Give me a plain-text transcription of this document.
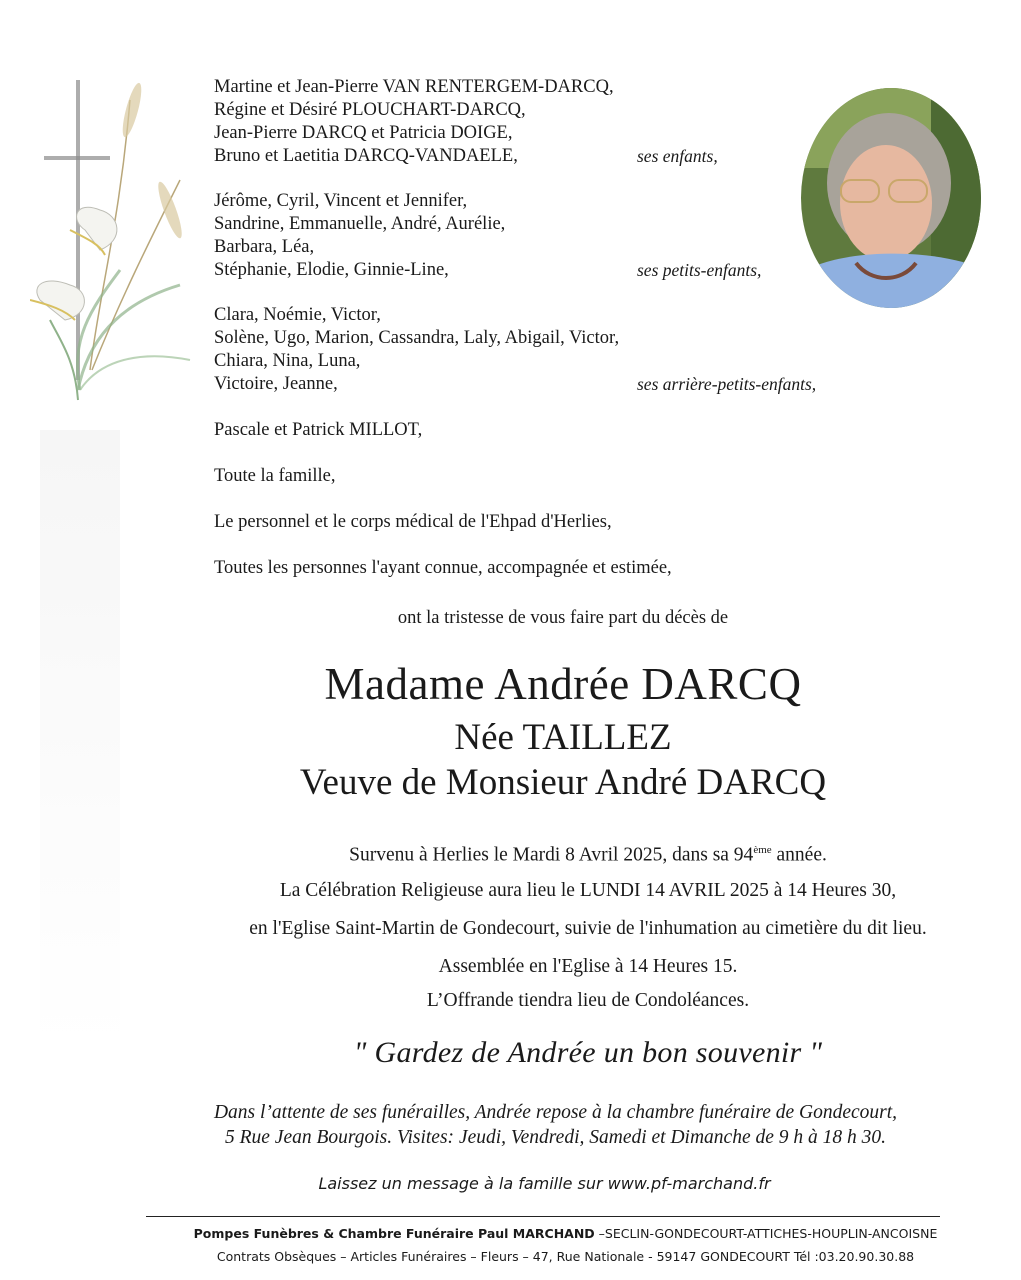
Martine et Jean-Pierre VAN RENTERGEM-DARCQ,
Régine et Désiré PLOUCHART-DARCQ,
Jean-Pierre DARCQ et Patricia DOIGE,
Bruno et Laetitia DARCQ-VANDAELE,	ses enfants,
Jérôme, Cyril, Vincent et Jennifer,
Sandrine, Emmanuelle, André, Aurélie,
Barbara, Léa,
Stéphanie, Elodie, Ginnie-Line,	ses petits-enfants,
Clara, Noémie, Victor,
Solène, Ugo, Marion, Cassandra, Laly, Abigail, Victor,
Chiara, Nina, Luna,
Victoire, Jeanne,	ses arrière-petits-enfants,
Pascale et Patrick MILLOT,
Toute la famille,
Le personnel et le corps médical de l'Ehpad d'Herlies,
Toutes les personnes l'ayant connue, accompagnée et estimée,
ont la tristesse de vous faire part du décès de
Madame Andrée DARCQ
Née TAILLEZ
Veuve de Monsieur André DARCQ
Survenu à Herlies le Mardi 8 Avril 2025, dans sa 94ème année.
La Célébration Religieuse aura lieu le LUNDI 14 AVRIL 2025 à 14 Heures 30,
en l'Eglise Saint-Martin de Gondecourt, suivie de l'inhumation au cimetière du dit lieu.
Assemblée en l'Eglise à 14 Heures 15.
L’Offrande tiendra lieu de Condoléances.
" Gardez de Andrée un bon souvenir "
Dans l’attente de ses funérailles, Andrée repose à la chambre funéraire de Gondecourt,
5 Rue Jean Bourgois. Visites: Jeudi, Vendredi, Samedi et Dimanche de 9 h à 18 h 30.
Laissez un message à la famille sur www.pf-marchand.fr
Pompes Funèbres & Chambre Funéraire Paul MARCHAND –SECLIN-GONDECOURT-ATTICHES-HOUPLIN-ANCOISNE
Contrats Obsèques – Articles Funéraires – Fleurs – 47, Rue Nationale - 59147 GONDECOURT Tél :03.20.90.30.88
